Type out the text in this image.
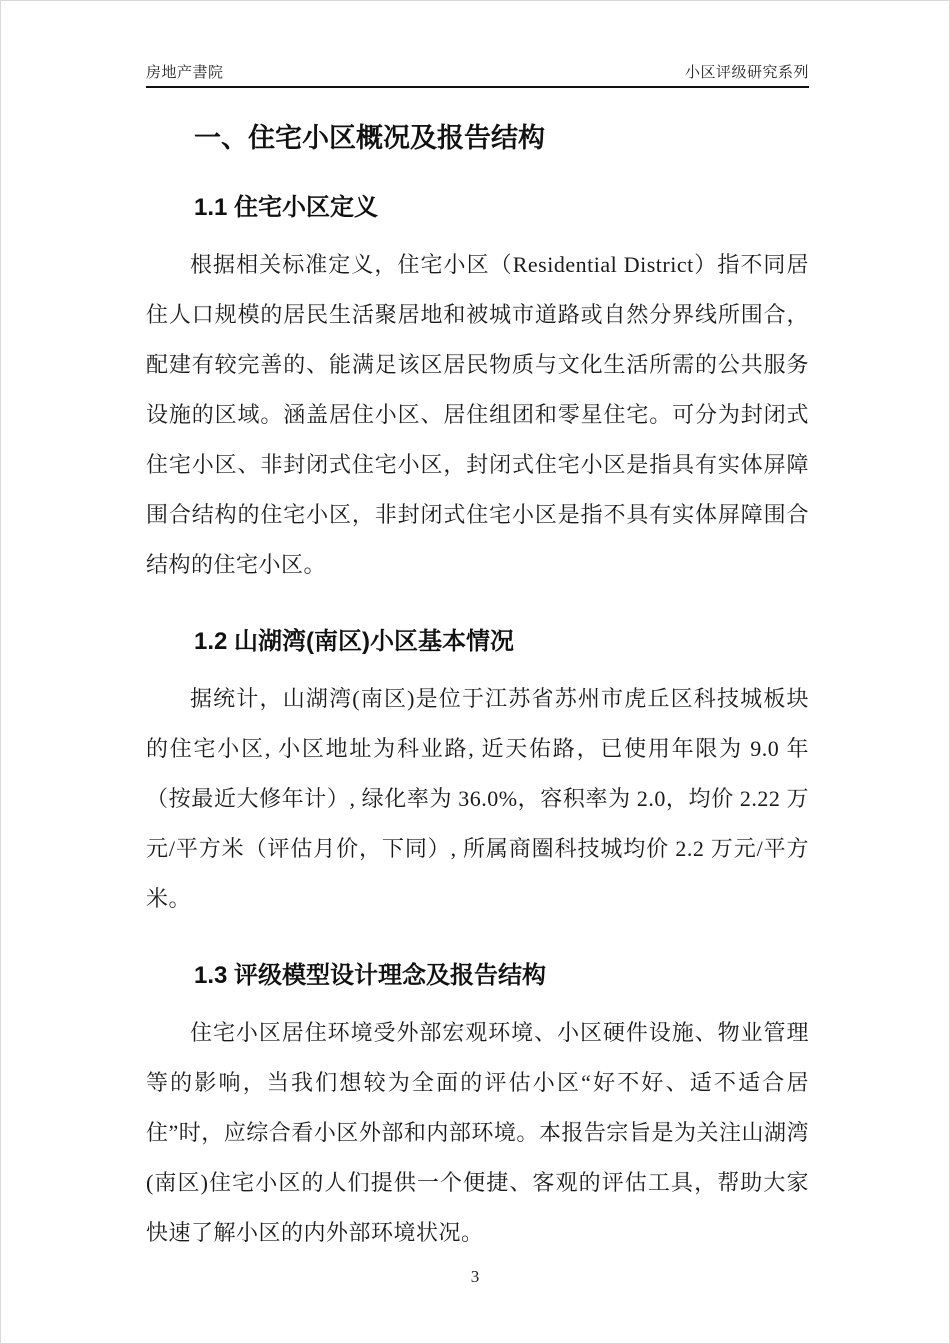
房地产書院	小区评级研究系列
一、住宅小区概况及报告结构
1.1 住宅小区定义

根据相关标准定义，住宅小区（Residential District）指不同居住人口规模的居民生活聚居地和被城市道路或自然分界线所围合，配建有较完善的、能满足该区居民物质与文化生活所需的公共服务设施的区域。涵盖居住小区、居住组团和零星住宅。可分为封闭式住宅小区、非封闭式住宅小区，封闭式住宅小区是指具有实体屏障围合结构的住宅小区，非封闭式住宅小区是指不具有实体屏障围合结构的住宅小区。

1.2 山湖湾(南区)小区基本情况

据统计，山湖湾(南区)是位于江苏省苏州市虎丘区科技城板块的住宅小区, 小区地址为科业路, 近天佑路，已使用年限为 9.0 年（按最近大修年计）, 绿化率为 36.0%，容积率为 2.0，均价 2.22 万元/平方米（评估月价，下同）, 所属商圈科技城均价 2.2 万元/平方米。

1.3 评级模型设计理念及报告结构

住宅小区居住环境受外部宏观环境、小区硬件设施、物业管理等的影响，当我们想较为全面的评估小区“好不好、适不适合居住”时，应综合看小区外部和内部环境。本报告宗旨是为关注山湖湾(南区)住宅小区的人们提供一个便捷、客观的评估工具，帮助大家快速了解小区的内外部环境状况。

3
